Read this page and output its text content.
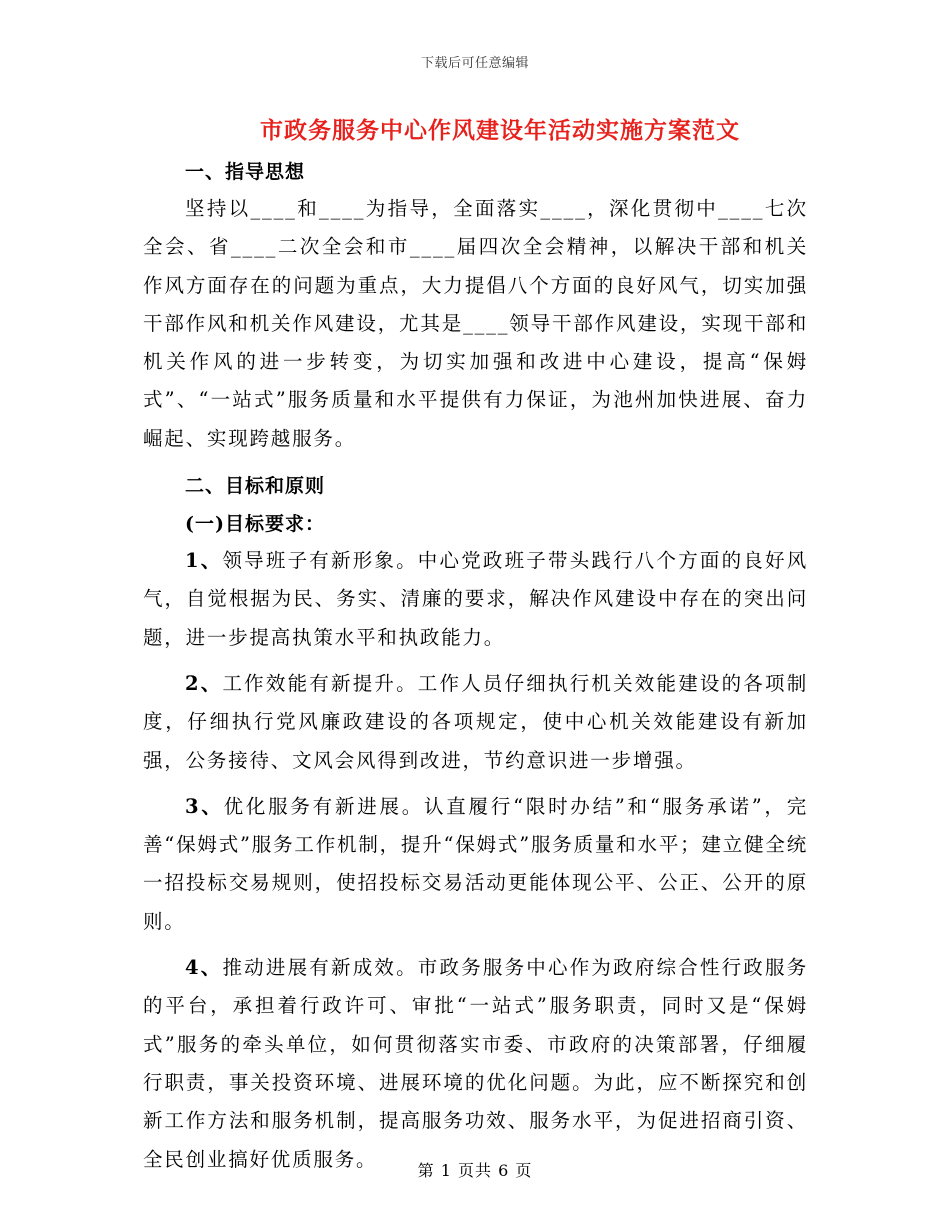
下载后可任意编辑
市政务服务中心作风建设年活动实施方案范文

一、指导思想

坚持以____和____为指导，全面落实____，深化贯彻中____七次全会、省____二次全会和市____届四次全会精神，以解决干部和机关作风方面存在的问题为重点，大力提倡八个方面的良好风气，切实加强干部作风和机关作风建设，尤其是____领导干部作风建设，实现干部和机关作风的进一步转变，为切实加强和改进中心建设，提高“保姆式”、“一站式”服务质量和水平提供有力保证，为池州加快进展、奋力崛起、实现跨越服务。

二、目标和原则

(一)目标要求：

1、领导班子有新形象。中心党政班子带头践行八个方面的良好风气，自觉根据为民、务实、清廉的要求，解决作风建设中存在的突出问题，进一步提高执策水平和执政能力。

2、工作效能有新提升。工作人员仔细执行机关效能建设的各项制度，仔细执行党风廉政建设的各项规定，使中心机关效能建设有新加强，公务接待、文风会风得到改进，节约意识进一步增强。

3、优化服务有新进展。认直履行“限时办结”和“服务承诺”，完善“保姆式”服务工作机制，提升“保姆式”服务质量和水平；建立健全统一招投标交易规则，使招投标交易活动更能体现公平、公正、公开的原则。

4、推动进展有新成效。市政务服务中心作为政府综合性行政服务的平台，承担着行政许可、审批“一站式”服务职责，同时又是“保姆式”服务的牵头单位，如何贯彻落实市委、市政府的决策部署，仔细履行职责，事关投资环境、进展环境的优化问题。为此，应不断探究和创新工作方法和服务机制，提高服务功效、服务水平，为促进招商引资、全民创业搞好优质服务。	第 1 页共 6 页
